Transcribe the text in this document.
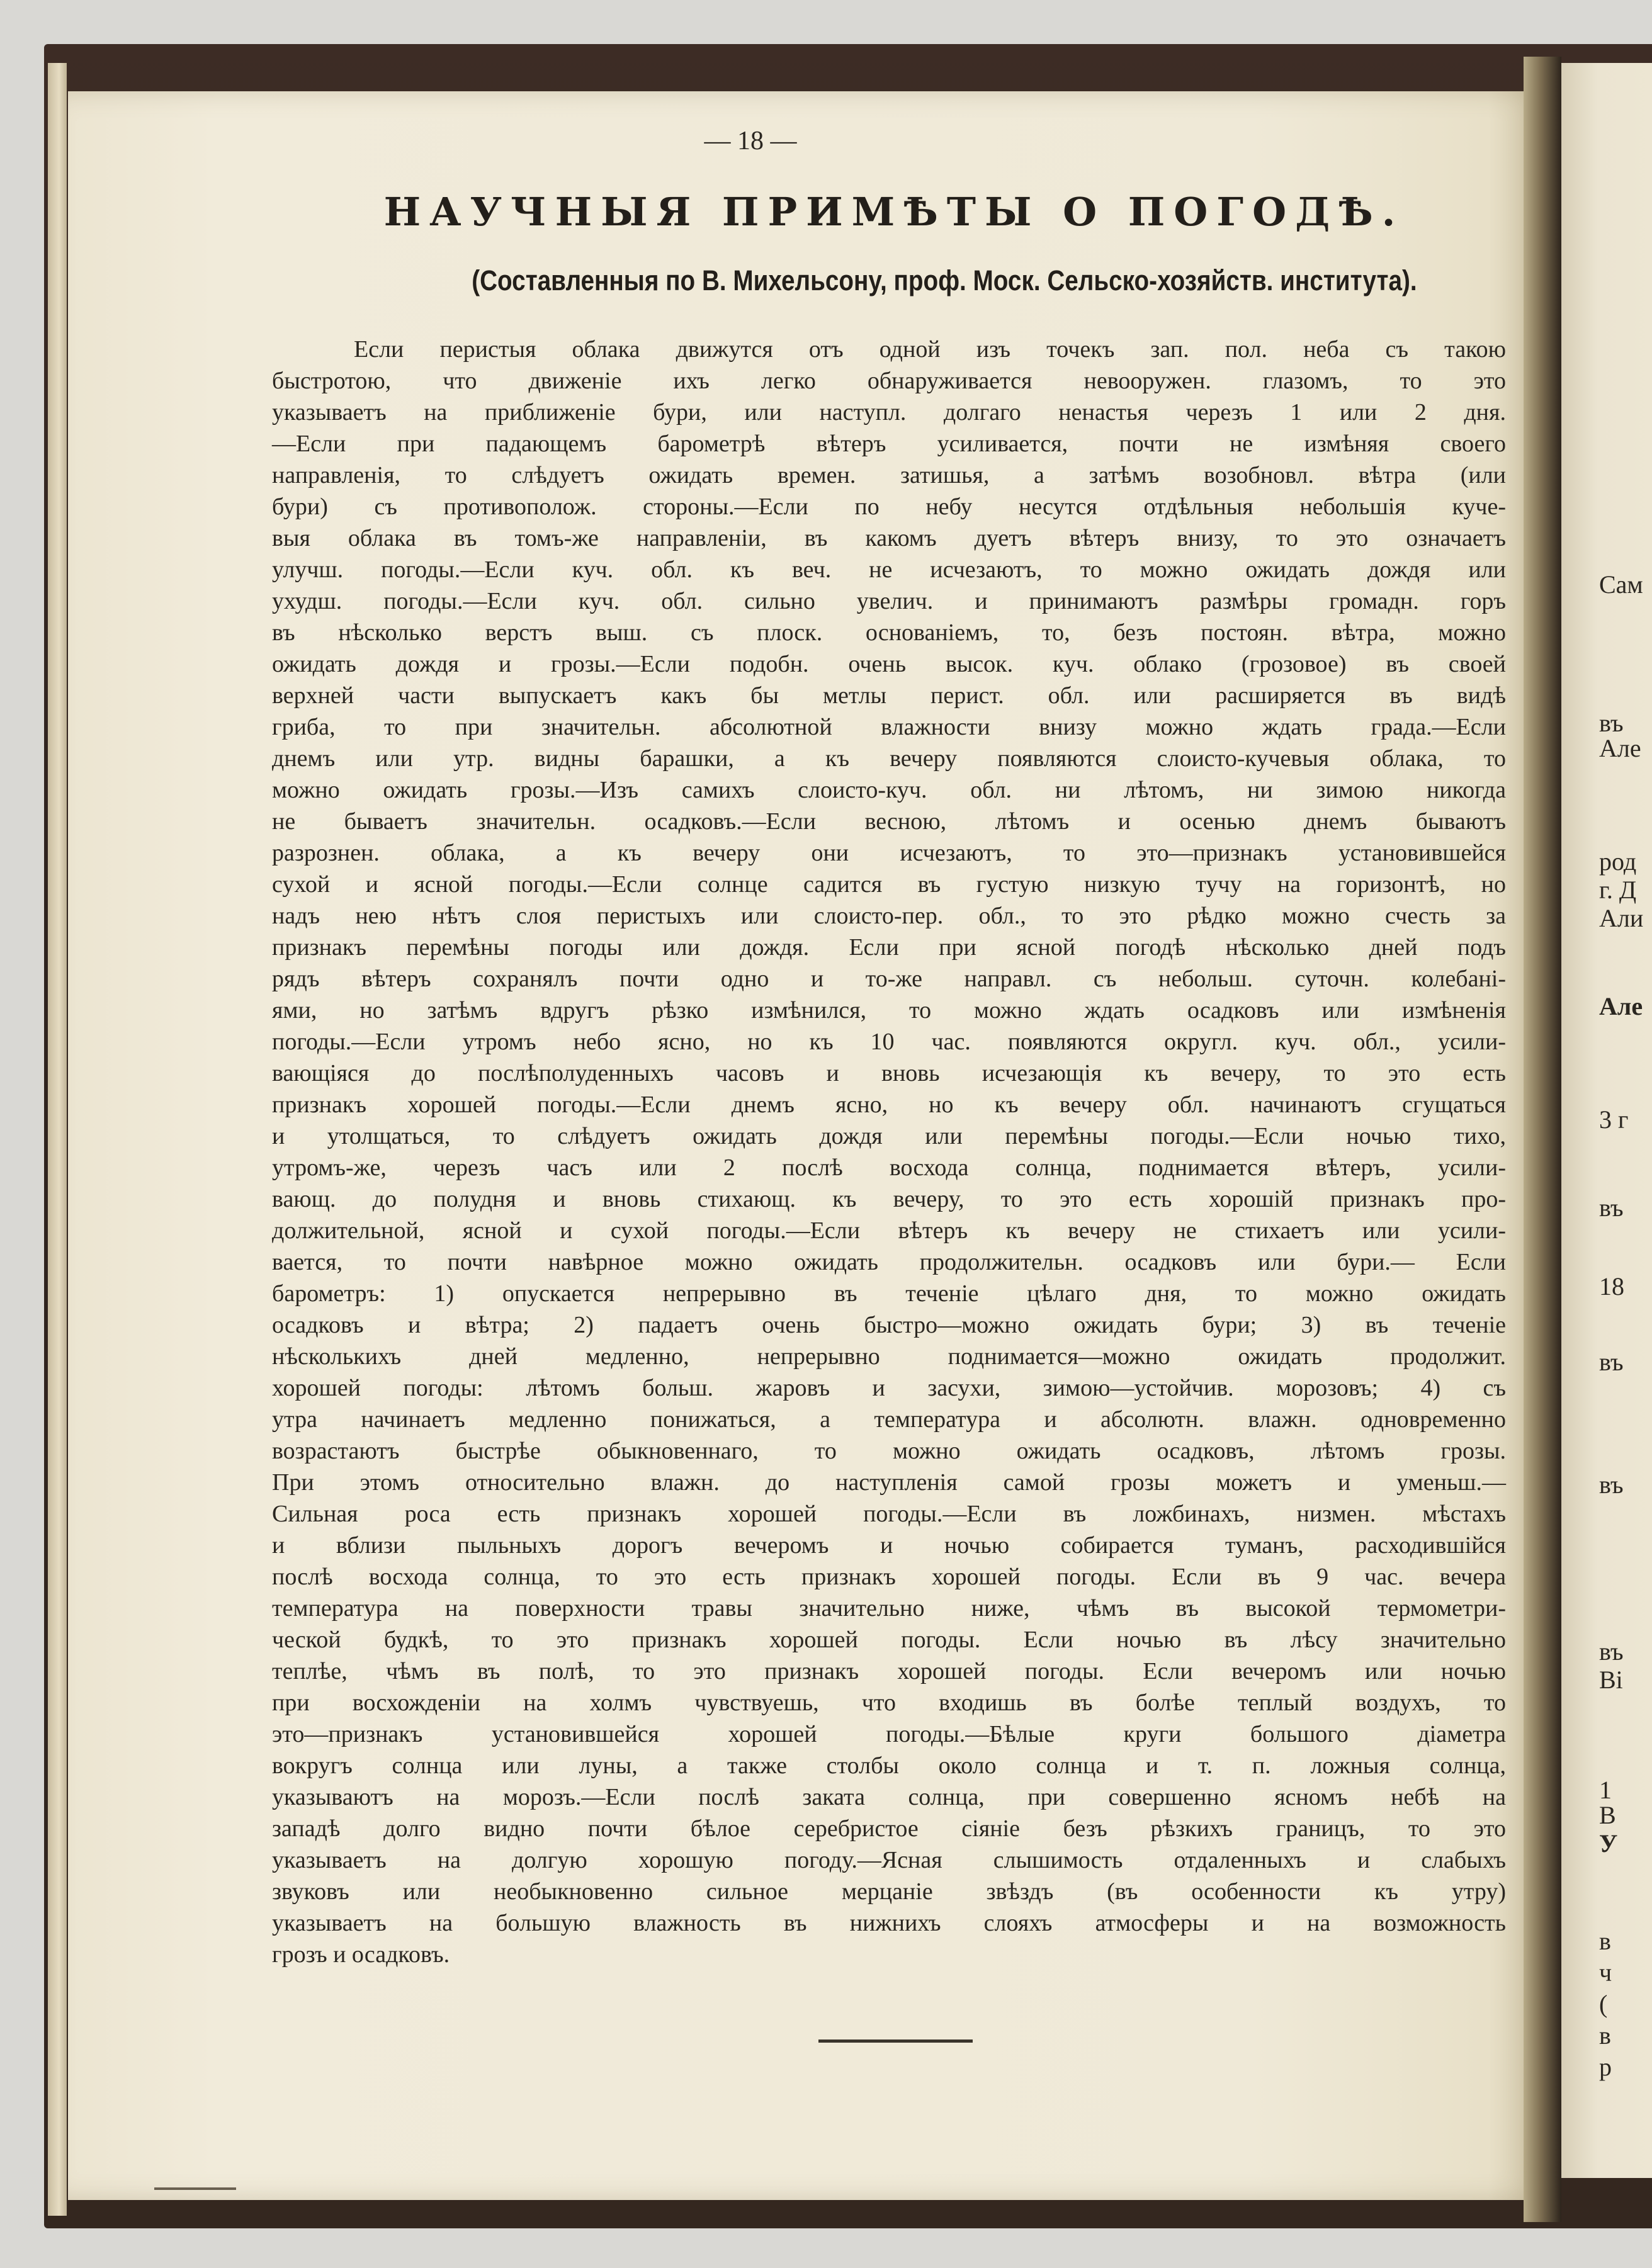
Сам
въ
Але
род
г. Д
Али
Але
3 г
въ
18
въ
въ
въ
Ві
1
В
У
в
ч
(
в
р
— 18 —
НАУЧНЫЯ ПРИМѢТЫ О ПОГОДѢ.
(Составленныя по В. Михельсону, проф. Моск. Сельско-хозяйств. института).
Если перистыя облака движутся отъ одной изъ точекъ зап. пол. неба съ такою
быстротою, что движеніе ихъ легко обнаруживается невооружен. глазомъ, то это
указываетъ на приближеніе бури, или наступл. долгаго ненастья черезъ 1 или 2 дня.
—Если при падающемъ барометрѣ вѣтеръ усиливается, почти не измѣняя своего
направленія, то слѣдуетъ ожидать времен. затишья, а затѣмъ возобновл. вѣтра (или
бури) съ противополож. стороны.—Если по небу несутся отдѣльныя небольшія куче-
выя облака въ томъ-же направленіи, въ какомъ дуетъ вѣтеръ внизу, то это означаетъ
улучш. погоды.—Если куч. обл. къ веч. не исчезаютъ, то можно ожидать дождя или
ухудш. погоды.—Если куч. обл. сильно увелич. и принимаютъ размѣры громадн. горъ
въ нѣсколько верстъ выш. съ плоск. основаніемъ, то, безъ постоян. вѣтра, можно
ожидать дождя и грозы.—Если подобн. очень высок. куч. облако (грозовое) въ своей
верхней части выпускаетъ какъ бы метлы перист. обл. или расширяется въ видѣ
гриба, то при значительн. абсолютной влажности внизу можно ждать града.—Если
днемъ или утр. видны барашки, а къ вечеру появляются слоисто-кучевыя облака, то
можно ожидать грозы.—Изъ самихъ слоисто-куч. обл. ни лѣтомъ, ни зимою никогда
не бываетъ значительн. осадковъ.—Если весною, лѣтомъ и осенью днемъ бываютъ
разрознен. облака, а къ вечеру они исчезаютъ, то это—признакъ установившейся
сухой и ясной погоды.—Если солнце садится въ густую низкую тучу на горизонтѣ, но
надъ нею нѣтъ слоя перистыхъ или слоисто-пер. обл., то это рѣдко можно счесть за
признакъ перемѣны погоды или дождя. Если при ясной погодѣ нѣсколько дней подъ
рядъ вѣтеръ сохранялъ почти одно и то-же направл. съ небольш. суточн. колебані-
ями, но затѣмъ вдругъ рѣзко измѣнился, то можно ждать осадковъ или измѣненія
погоды.—Если утромъ небо ясно, но къ 10 час. появляются округл. куч. обл., усили-
вающіяся до послѣполуденныхъ часовъ и вновь исчезающія къ вечеру, то это есть
признакъ хорошей погоды.—Если днемъ ясно, но къ вечеру обл. начинаютъ сгущаться
и утолщаться, то слѣдуетъ ожидать дождя или перемѣны погоды.—Если ночью тихо,
утромъ-же, черезъ часъ или 2 послѣ восхода солнца, поднимается вѣтеръ, усили-
вающ. до полудня и вновь стихающ. къ вечеру, то это есть хорошій признакъ про-
должительной, ясной и сухой погоды.—Если вѣтеръ къ вечеру не стихаетъ или усили-
вается, то почти навѣрное можно ожидать продолжительн. осадковъ или бури.— Если
барометръ: 1) опускается непрерывно въ теченіе цѣлаго дня, то можно ожидать
осадковъ и вѣтра; 2) падаетъ очень быстро—можно ожидать бури; 3) въ теченіе
нѣсколькихъ дней медленно, непрерывно поднимается—можно ожидать продолжит.
хорошей погоды: лѣтомъ больш. жаровъ и засухи, зимою—устойчив. морозовъ; 4) съ
утра начинаетъ медленно понижаться, а температура и абсолютн. влажн. одновременно
возрастаютъ быстрѣе обыкновеннаго, то можно ожидать осадковъ, лѣтомъ грозы.
При этомъ относительно влажн. до наступленія самой грозы можетъ и уменьш.—
Сильная роса есть признакъ хорошей погоды.—Если въ ложбинахъ, низмен. мѣстахъ
и вблизи пыльныхъ дорогъ вечеромъ и ночью собирается туманъ, расходившійся
послѣ восхода солнца, то это есть признакъ хорошей погоды. Если въ 9 час. вечера
температура на поверхности травы значительно ниже, чѣмъ въ высокой термометри-
ческой будкѣ, то это признакъ хорошей погоды. Если ночью въ лѣсу значительно
теплѣе, чѣмъ въ полѣ, то это признакъ хорошей погоды. Если вечеромъ или ночью
при восхожденіи на холмъ чувствуешь, что входишь въ болѣе теплый воздухъ, то
это—признакъ установившейся хорошей погоды.—Бѣлые круги большого діаметра
вокругъ солнца или луны, а также столбы около солнца и т. п. ложныя солнца,
указываютъ на морозъ.—Если послѣ заката солнца, при совершенно ясномъ небѣ на
западѣ долго видно почти бѣлое серебристое сіяніе безъ рѣзкихъ границъ, то это
указываетъ на долгую хорошую погоду.—Ясная слышимость отдаленныхъ и слабыхъ
звуковъ или необыкновенно сильное мерцаніе звѣздъ (въ особенности къ утру)
указываетъ на большую влажность въ нижнихъ слояхъ атмосферы и на возможность
грозъ и осадковъ.
